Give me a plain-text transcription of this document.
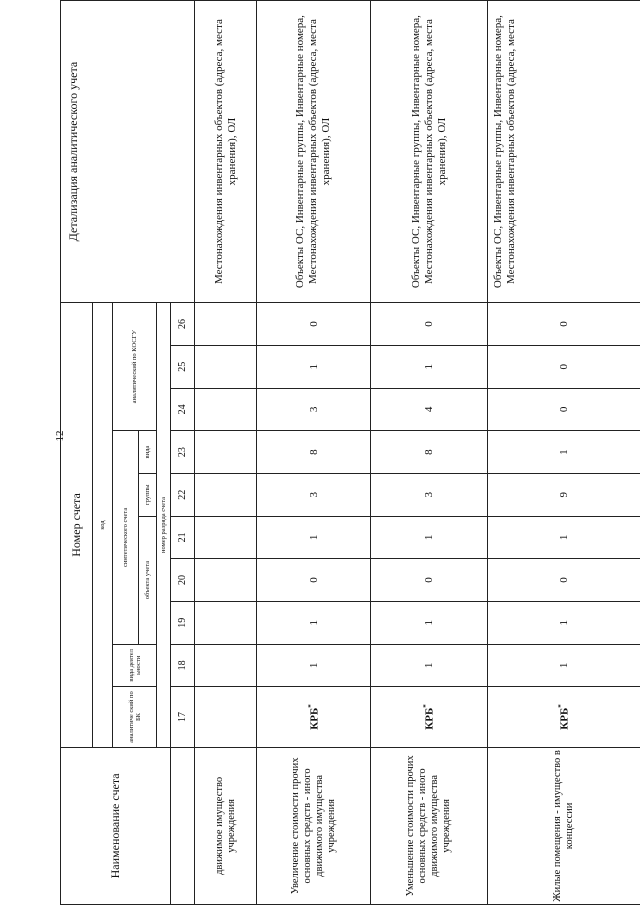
12
Наименование счета	Номер счета										Детализация аналитического учета
	код										
	аналитиче ский по БК	вида деятел ьности	синтетического счета					аналитический по КОСГУ			
			объекта учета			группы	вида				
	номер разряда счета										
	17	18	19	20	21	22	23	24	25	26	
движимое имущество учреждения											Местонахождения инвентарных объектов (адреса, места хранения), ОЛ
Увеличение стоимости прочих основных средств - иного движимого имущества учреждения	КРБ*	1	1	0	1	3	8	3	1	0	Объекты ОС, Инвентарные группы, Инвентарные номера, Местонахождения инвентарных объектов (адреса, места хранения), ОЛ
Уменьшение стоимости прочих основных средств - иного движимого имущества учреждения	КРБ*	1	1	0	1	3	8	4	1	0	Объекты ОС, Инвентарные группы, Инвентарные номера, Местонахождения инвентарных объектов (адреса, места хранения), ОЛ
Жилые помещения - имущество в концессии	КРБ*	1	1	0	1	9	1	0	0	0	Объекты ОС, Инвентарные группы, Инвентарные номера, Местонахождения инвентарных объектов (адреса, места
